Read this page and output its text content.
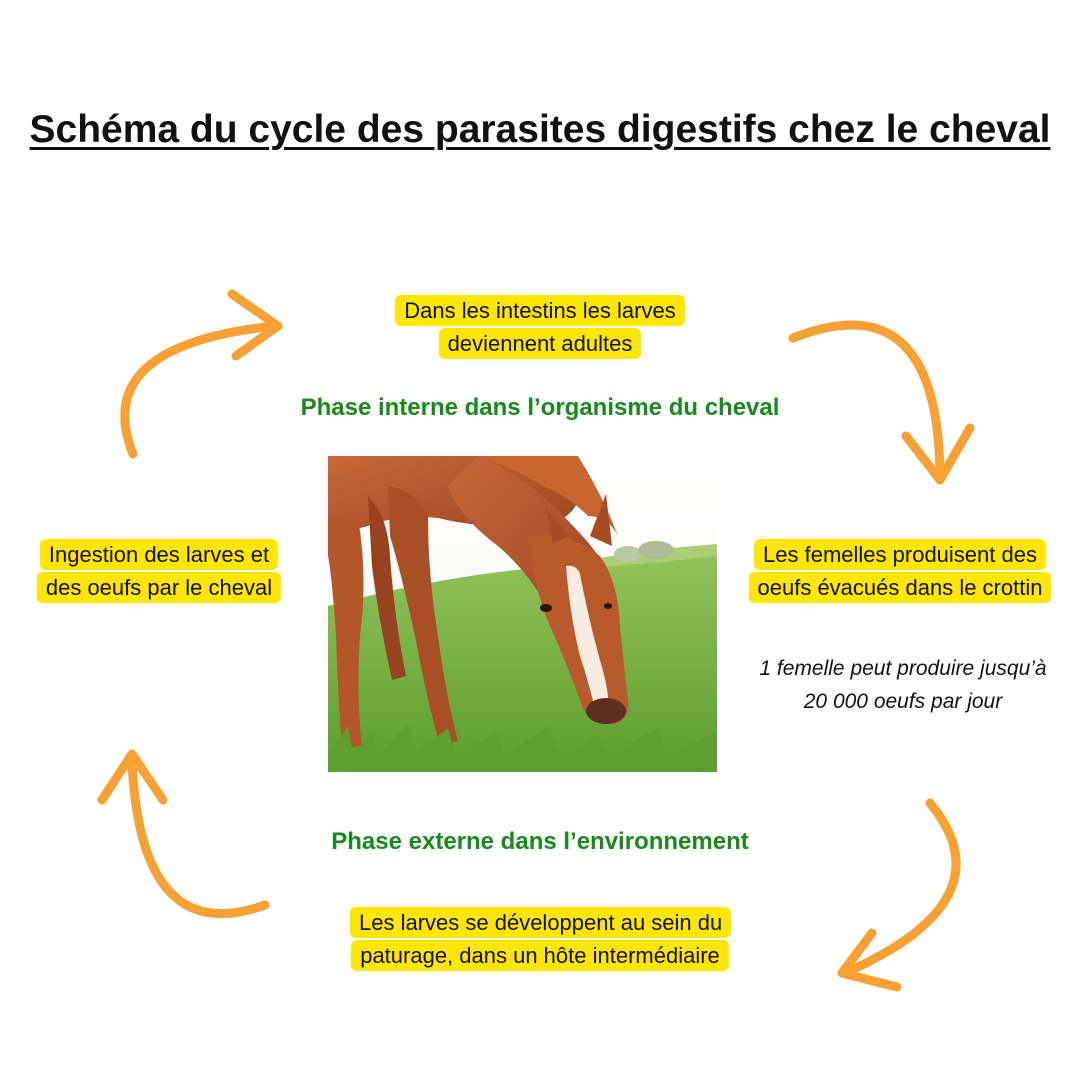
Schéma du cycle des parasites digestifs chez le cheval
Dans les intestins les larves deviennent adultes

Phase interne dans l’organisme du cheval

Ingestion des larves et des oeufs par le cheval
Les femelles produisent des oeufs évacués dans le crottin
1 femelle peut produire jusqu’à 20 000 oeufs par jour

Phase externe dans l’environnement

Les larves se développent au sein du paturage, dans un hôte intermédiaire
